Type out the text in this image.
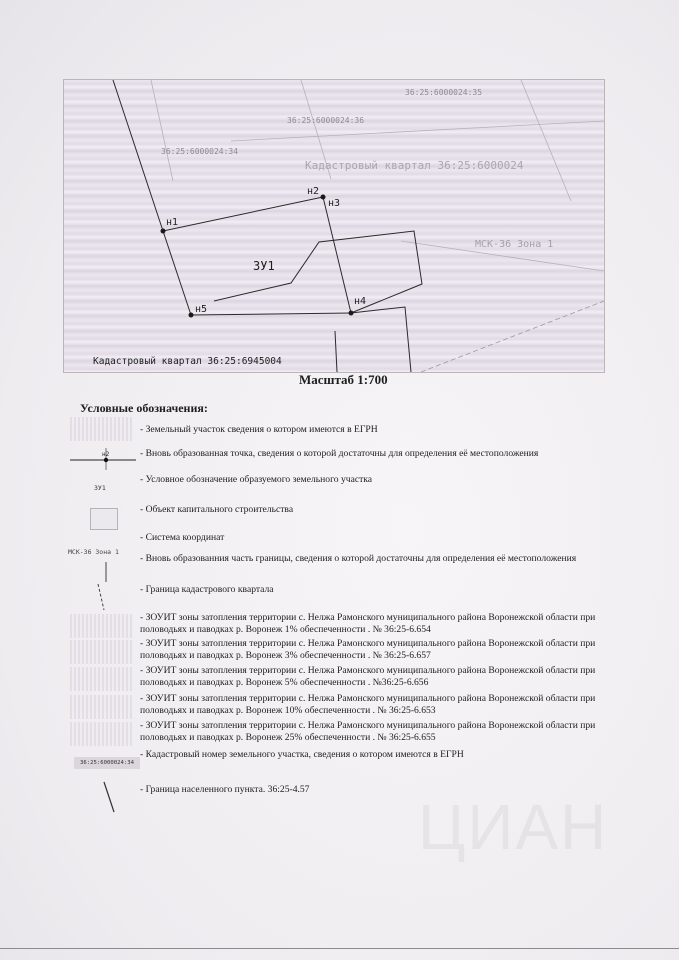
36:25:6000024:35
36:25:6000024:36
36:25:6000024:34
Кадастровый квартал 36:25:6000024
МСК-36 Зона 1
н1
н2
н3
н4
н5
ЗУ1
Кадастровый квартал 36:25:6945004
Масштаб 1:700
Условные обозначения:
- Земельный участок сведения о котором имеются в ЕГРН
н2	- Вновь образованная точка, сведения о которой достаточны для определения её местоположения
ЗУ1
- Условное обозначение образуемого земельного участка
- Объект капитального строительства
- Система координат
МСК-36 Зона 1
- Вновь образованния часть границы, сведения о которой достаточны для определения её местоположения
- Граница кадастрового квартала
- ЗОУИТ зоны затопления территории с. Нелжа Рамонского муниципального района Воронежской области при половодьях и паводках р. Воронеж 1% обеспеченности . № 36:25-6.654
- ЗОУИТ зоны затопления территории с. Нелжа Рамонского муниципального района Воронежской области при половодьях и паводках р. Воронеж 3% обеспеченности . № 36:25-6.657
- ЗОУИТ зоны затопления территории с. Нелжа Рамонского муниципального района Воронежской области при половодьях и паводках р. Воронеж 5% обеспеченности . №36:25-6.656
- ЗОУИТ зоны затопления территории с. Нелжа Рамонского муниципального района Воронежской области при половодьях и паводках р. Воронеж 10% обеспеченности . № 36:25-6.653
- ЗОУИТ зоны затопления территории с. Нелжа Рамонского муниципального района Воронежской области при половодьях и паводках р. Воронеж 25% обеспеченности . № 36:25-6.655
36:25:6000024:34
- Кадастровый номер земельного участка, сведения о котором имеются в ЕГРН
- Граница населенного пункта. 36:25-4.57
ЦИАН
